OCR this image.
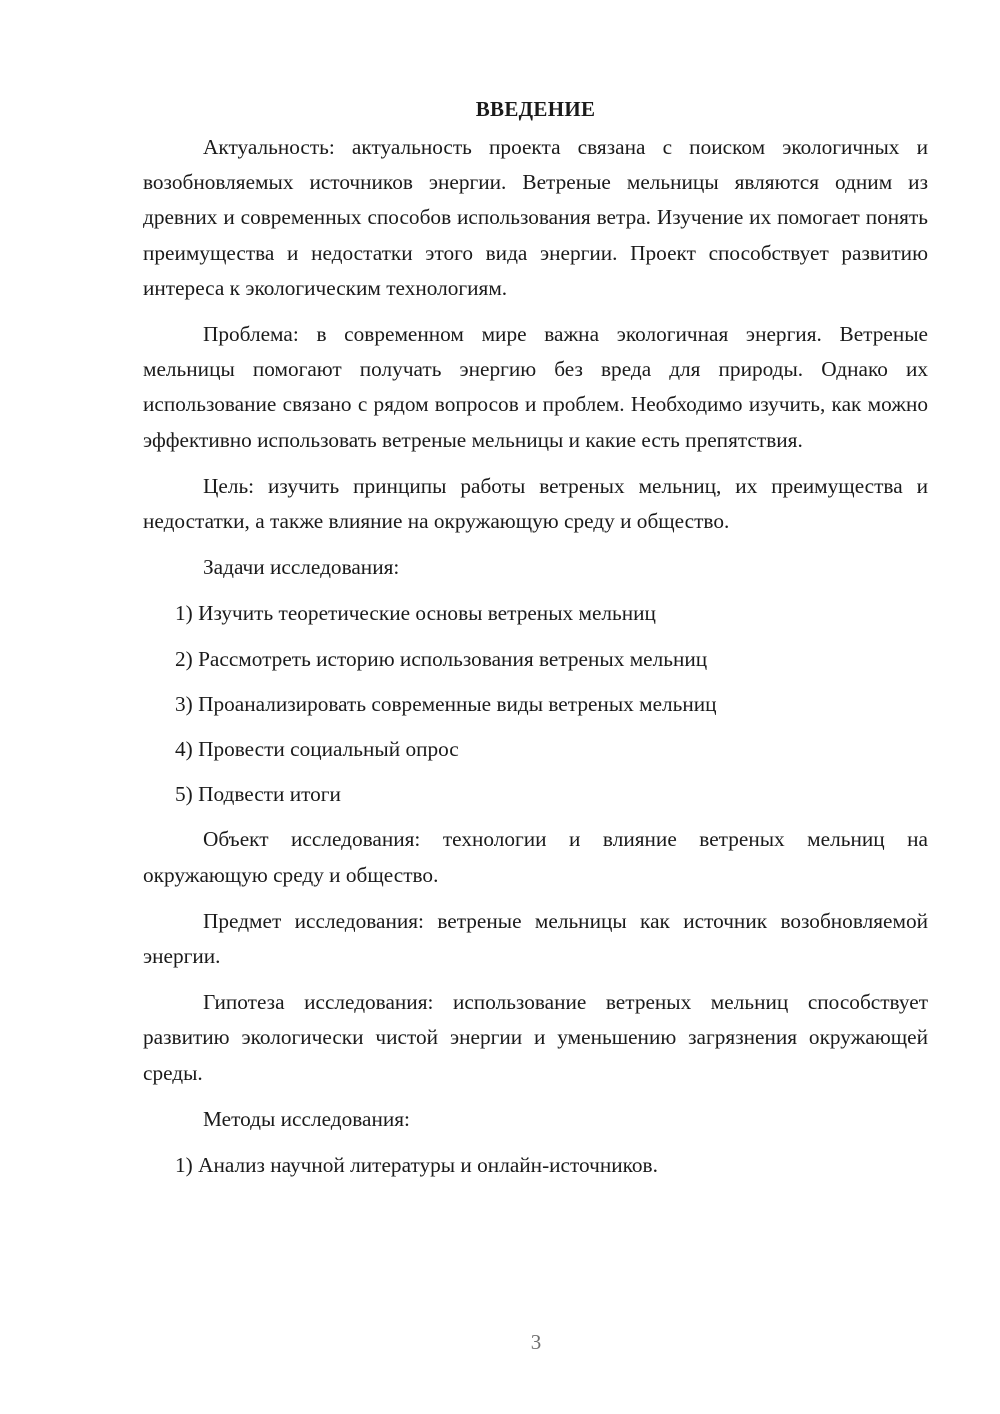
ВВЕДЕНИЕ

Актуальность: актуальность проекта связана с поиском экологичных и возобновляемых источников энергии. Ветреные мельницы являются одним из древних и современных способов использования ветра. Изучение их помогает понять преимущества и недостатки этого вида энергии. Проект способствует развитию интереса к экологическим технологиям.

Проблема: в современном мире важна экологичная энергия. Ветреные мельницы помогают получать энергию без вреда для природы. Однако их использование связано с рядом вопросов и проблем. Необходимо изучить, как можно эффективно использовать ветреные мельницы и какие есть препятствия.

Цель: изучить принципы работы ветреных мельниц, их преимущества и недостатки, а также влияние на окружающую среду и общество.

Задачи исследования:

1) Изучить теоретические основы ветреных мельниц
2) Рассмотреть историю использования ветреных мельниц
3) Проанализировать современные виды ветреных мельниц
4) Провести социальный опрос
5) Подвести итоги

Объект исследования: технологии и влияние ветреных мельниц на окружающую среду и общество.

Предмет исследования: ветреные мельницы как источник возобновляемой энергии.

Гипотеза исследования: использование ветреных мельниц способствует развитию экологически чистой энергии и уменьшению загрязнения окружающей среды.

Методы исследования:

1) Анализ научной литературы и онлайн-источников.
3
